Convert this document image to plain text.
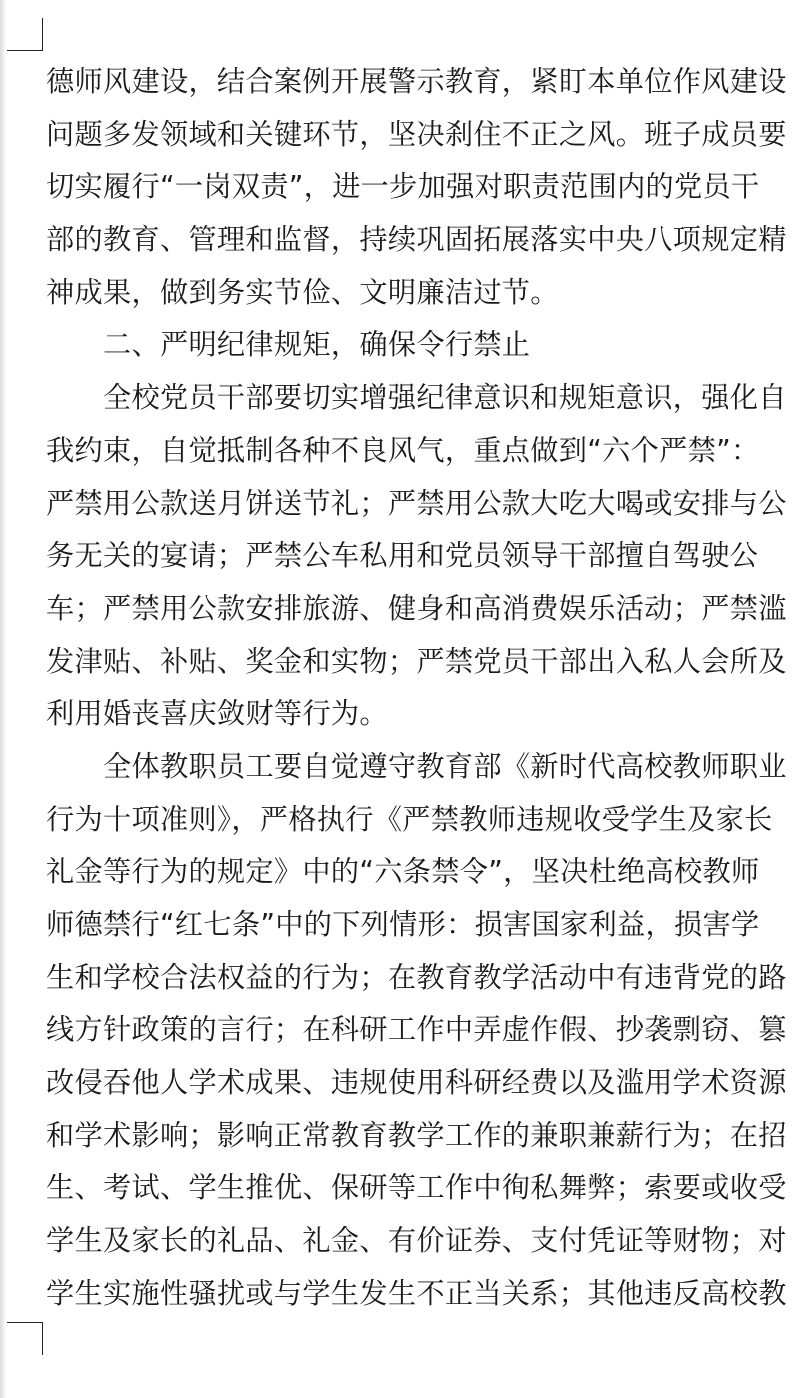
德师风建设，结合案例开展警示教育，紧盯本单位作风建设
问题多发领域和关键环节，坚决刹住不正之风。班子成员要
切实履行“一岗双责”，进一步加强对职责范围内的党员干
部的教育、管理和监督，持续巩固拓展落实中央八项规定精
神成果，做到务实节俭、文明廉洁过节。
　　二、严明纪律规矩，确保令行禁止
　　全校党员干部要切实增强纪律意识和规矩意识，强化自
我约束，自觉抵制各种不良风气，重点做到“六个严禁”：
严禁用公款送月饼送节礼；严禁用公款大吃大喝或安排与公
务无关的宴请；严禁公车私用和党员领导干部擅自驾驶公
车；严禁用公款安排旅游、健身和高消费娱乐活动；严禁滥
发津贴、补贴、奖金和实物；严禁党员干部出入私人会所及
利用婚丧喜庆敛财等行为。
　　全体教职员工要自觉遵守教育部《新时代高校教师职业
行为十项准则》，严格执行《严禁教师违规收受学生及家长
礼金等行为的规定》中的“六条禁令”，坚决杜绝高校教师
师德禁行“红七条”中的下列情形：损害国家利益，损害学
生和学校合法权益的行为；在教育教学活动中有违背党的路
线方针政策的言行；在科研工作中弄虚作假、抄袭剽窃、篡
改侵吞他人学术成果、违规使用科研经费以及滥用学术资源
和学术影响；影响正常教育教学工作的兼职兼薪行为；在招
生、考试、学生推优、保研等工作中徇私舞弊；索要或收受
学生及家长的礼品、礼金、有价证券、支付凭证等财物；对
学生实施性骚扰或与学生发生不正当关系；其他违反高校教
